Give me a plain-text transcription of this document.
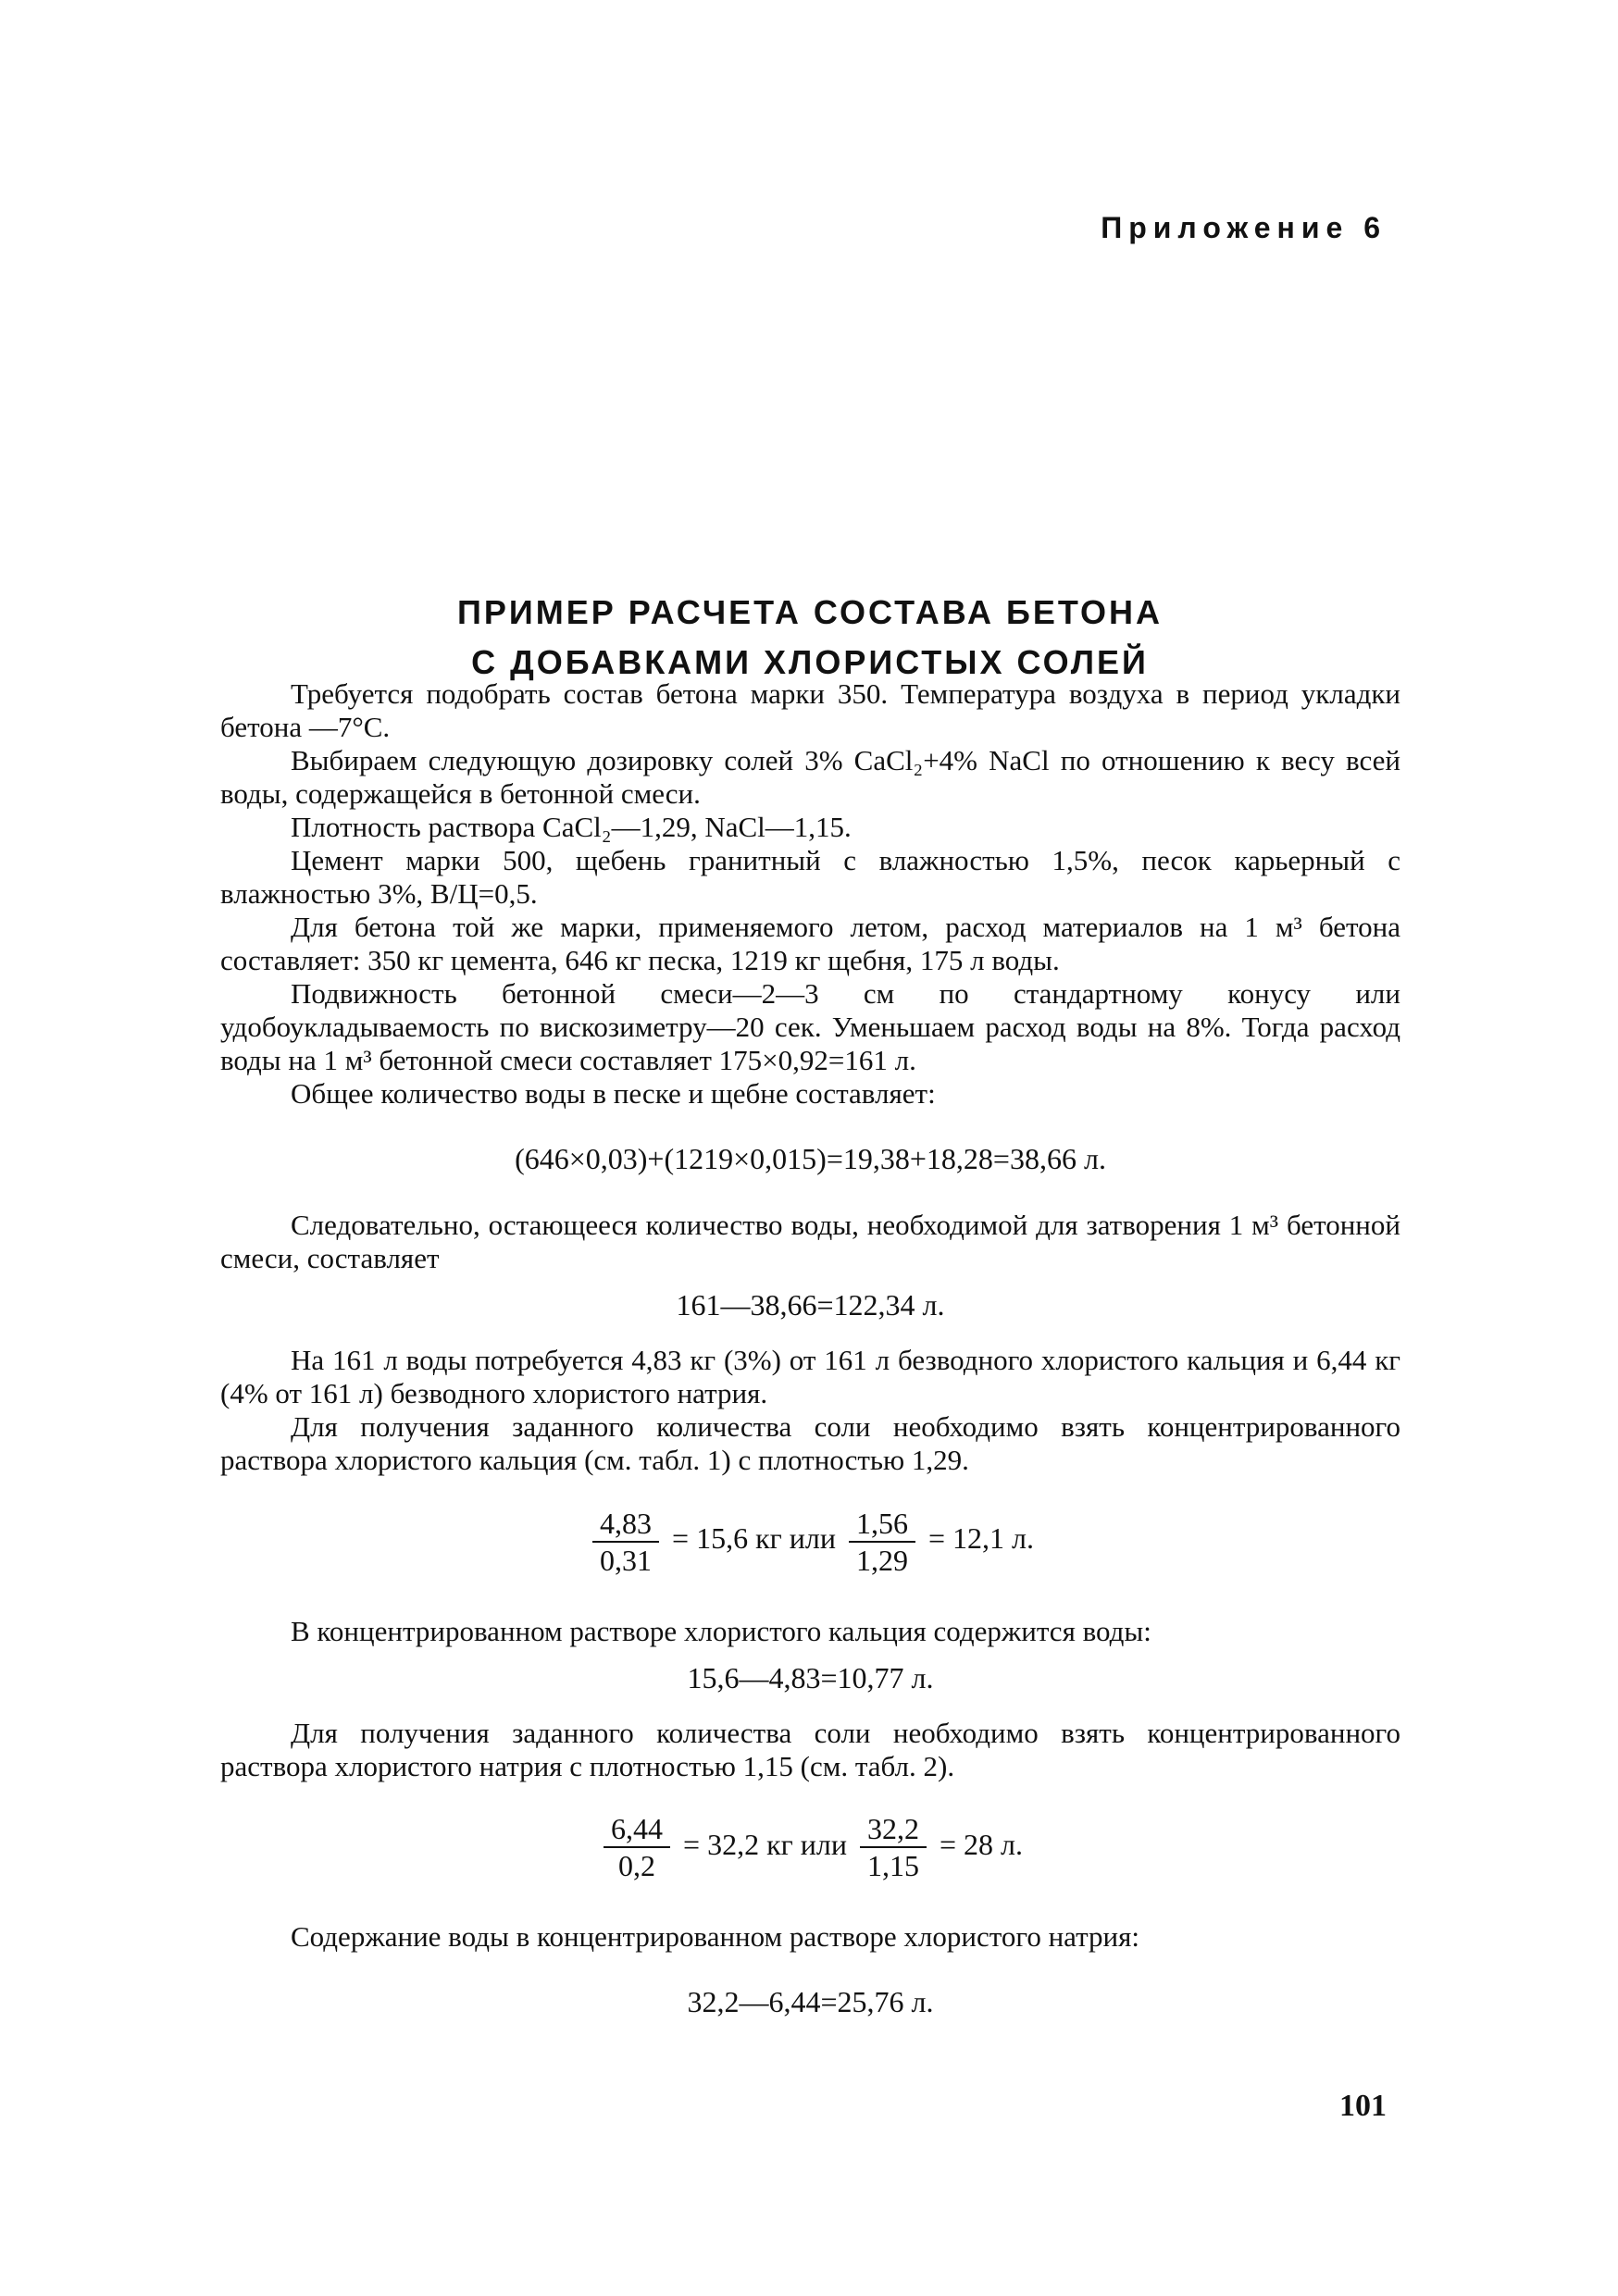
Приложение 6
ПРИМЕР РАСЧЕТА СОСТАВА БЕТОНА
С ДОБАВКАМИ ХЛОРИСТЫХ СОЛЕЙ

Требуется подобрать состав бетона марки 350. Температура воздуха в период укладки бетона —7°С.

Выбираем следующую дозировку солей 3% CaCl₂+4% NaCl по отношению к весу всей воды, содержащейся в бетонной смеси.

Плотность раствора CaCl₂—1,29, NaCl—1,15.

Цемент марки 500, щебень гранитный с влажностью 1,5%, песок карьерный с влажностью 3%, В/Ц=0,5.

Для бетона той же марки, применяемого летом, расход материалов на 1 м³ бетона составляет: 350 кг цемента, 646 кг песка, 1219 кг щебня, 175 л воды.

Подвижность бетонной смеси—2—3 см по стандартному конусу или удобоукладываемость по вискозиметру—20 сек. Уменьшаем расход воды на 8%. Тогда расход воды на 1 м³ бетонной смеси составляет 175×0,92=161 л.

Общее количество воды в песке и щебне составляет:

(646×0,03)+(1219×0,015)=19,38+18,28=38,66 л.

Следовательно, остающееся количество воды, необходимой для затворения 1 м³ бетонной смеси, составляет

161—38,66=122,34 л.

На 161 л воды потребуется 4,83 кг (3%) от 161 л безводного хлористого кальция и 6,44 кг (4% от 161 л) безводного хлористого натрия.

Для получения заданного количества соли необходимо взять концентрированного раствора хлористого кальция (см. табл. 1) с плотностью 1,29.

$\frac{4,83}{0,31} = 15,6$ кг или $\frac{1,56}{1,29} = 12,1$ л.

В концентрированном растворе хлористого кальция содержится воды:

15,6—4,83=10,77 л.

Для получения заданного количества соли необходимо взять концентрированного раствора хлористого натрия с плотностью 1,15 (см. табл. 2).

$\frac{6,44}{0,2} = 32,2$ кг или $\frac{32,2}{1,15} = 28$ л.

Содержание воды в концентрированном растворе хлористого натрия:

32,2—6,44=25,76 л.
101
